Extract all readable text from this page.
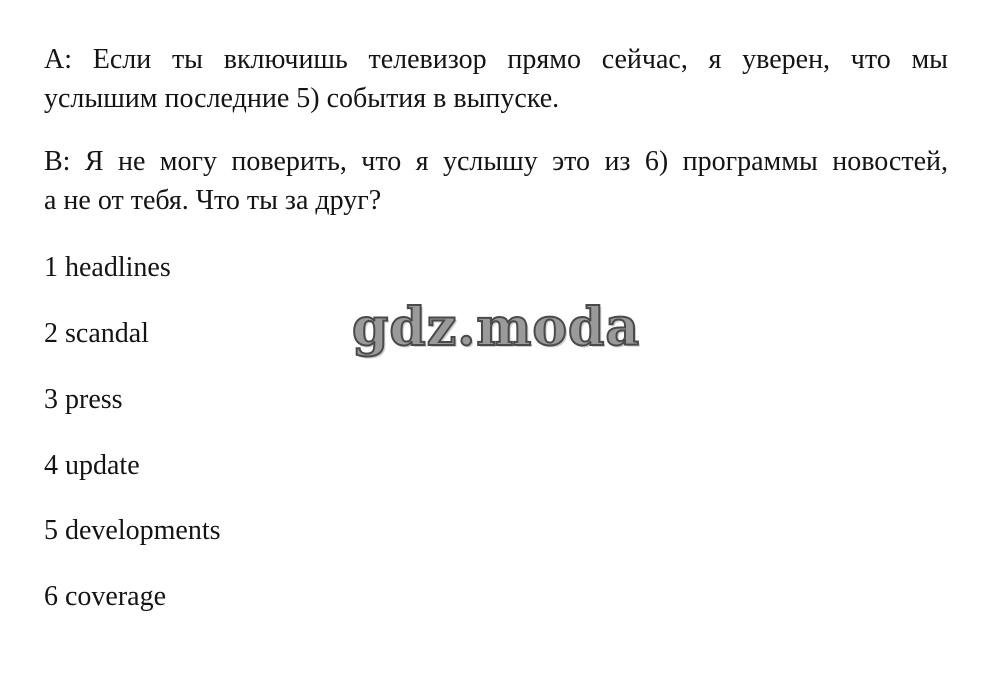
A: Если ты включишь телевизор прямо сейчас, я уверен, что мы
услышим последние 5) события в выпуске.
B: Я не могу поверить, что я услышу это из 6) программы новостей,
а не от тебя. Что ты за друг?

1 headlines

2 scandal

3 press

4 update

5 developments

6 coverage

gdz.moda
